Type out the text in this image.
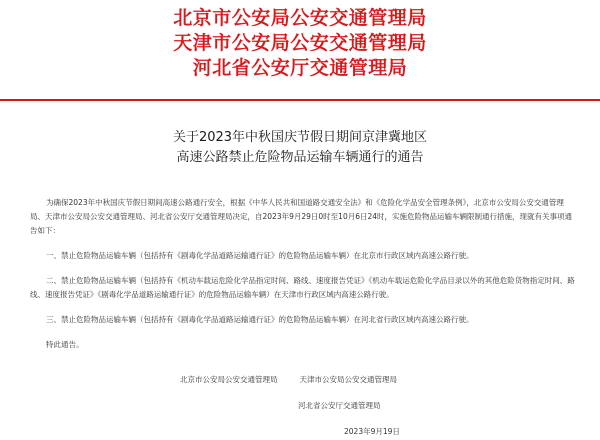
北京市公安局公安交通管理局
天津市公安局公安交通管理局
河北省公安厅交通管理局
关于2023年中秋国庆节假日期间京津冀地区
高速公路禁止危险物品运输车辆通行的通告

为确保2023年中秋国庆节假日期间高速公路通行安全，根据《中华人民共和国道路交通安全法》和《危险化学品安全管理条例》，北京市公安局公安交通管理局、天津市公安局公安交通管理局、河北省公安厅交通管理局决定，自2023年9月29日0时至10月6日24时，实施危险物品运输车辆限制通行措施，现就有关事项通告如下：

一、禁止危险物品运输车辆（包括持有《剧毒化学品道路运输通行证》的危险物品运输车辆）在北京市行政区域内高速公路行驶。

二、禁止危险物品运输车辆（包括持有《机动车载运危险化学品指定时间、路线、速度报告凭证》《机动车载运危险化学品目录以外的其他危险货物指定时间、路线、速度报告凭证》《剧毒化学品道路运输通行证》的危险物品运输车辆）在天津市行政区域内高速公路行驶。

三、禁止危险物品运输车辆（包括持有《剧毒化学品道路运输通行证》的危险物品运输车辆）在河北省行政区域内高速公路行驶。

特此通告。

北京市公安局公安交通管理局	天津市公安局公安交通管理局
河北省公安厅交通管理局
2023年9月19日
